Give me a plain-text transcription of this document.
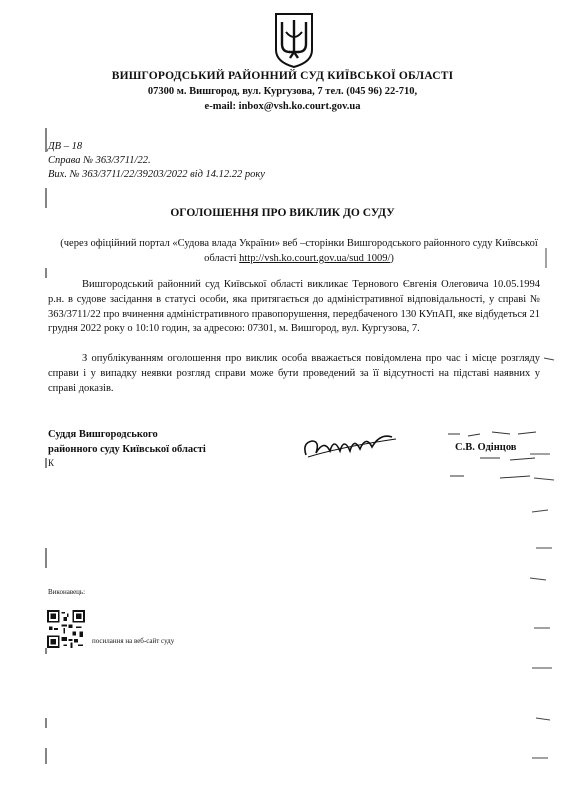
ВИШГОРОДСЬКИЙ РАЙОННИЙ СУД КИЇВСЬКОЇ ОБЛАСТІ
07300 м. Вишгород, вул. Кургузова, 7 тел. (045 96) 22-710,
e-mail: inbox@vsh.ko.court.gov.ua
ДВ – 18
Справа № 363/3711/22.
Вих. № 363/3711/22/39203/2022 від 14.12.22 року
ОГОЛОШЕННЯ ПРО ВИКЛИК ДО СУДУ
(через офіційний портал «Судова влада України» веб –сторінки Вишгородського районного суду Київської області http://vsh.ko.court.gov.ua/sud 1009/)
Вишгородський районний суд Київської області викликає Тернового Євгенія Олеговича 10.05.1994 р.н. в судове засідання в статусі особи, яка притягається до адміністративної відповідальності, у справі № 363/3711/22 про вчинення адміністративного правопорушення, передбаченого 130 КУпАП, яке відбудеться 21 грудня 2022 року о 10:10 годин, за адресою: 07301, м. Вишгород, вул. Кургузова, 7.
З опублікуванням оголошення про виклик особа вважається повідомлена про час і місце розгляду справи і у випадку неявки розгляд справи може бути проведений за її відсутності на підставі наявних у справі доказів.
Суддя Вишгородського
районного суду Київської області	С.В. Одінцов
К
Виконавець:
посилання на веб-сайт суду
